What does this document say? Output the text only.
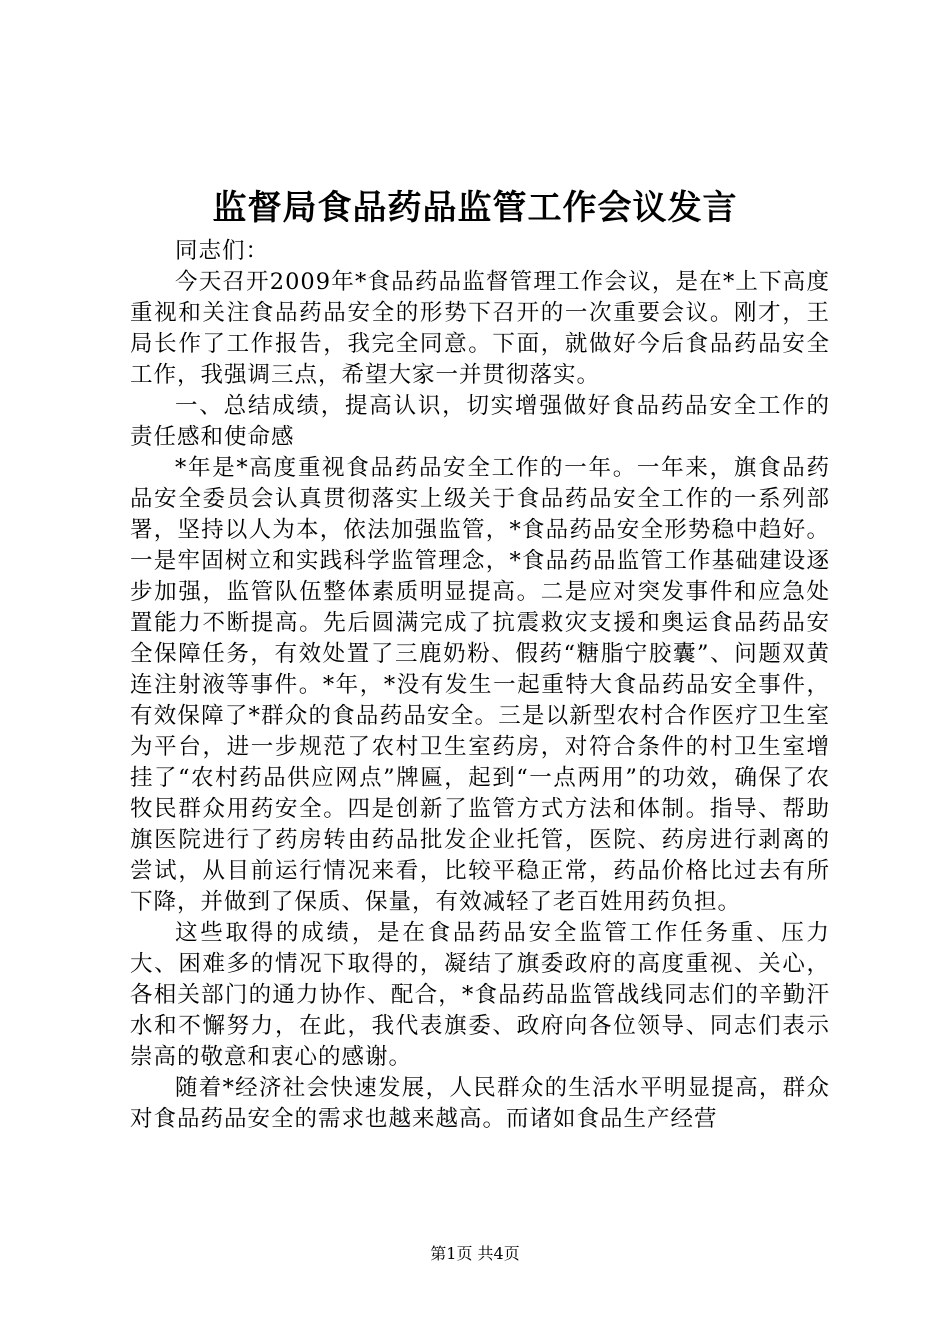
监督局食品药品监管工作会议发言

同志们：

今天召开2009年*食品药品监督管理工作会议，是在*上下高度重视和关注食品药品安全的形势下召开的一次重要会议。刚才，王局长作了工作报告，我完全同意。下面，就做好今后食品药品安全工作，我强调三点，希望大家一并贯彻落实。

一、总结成绩，提高认识，切实增强做好食品药品安全工作的责任感和使命感

*年是*高度重视食品药品安全工作的一年。一年来，旗食品药品安全委员会认真贯彻落实上级关于食品药品安全工作的一系列部署，坚持以人为本，依法加强监管，*食品药品安全形势稳中趋好。一是牢固树立和实践科学监管理念，*食品药品监管工作基础建设逐步加强，监管队伍整体素质明显提高。二是应对突发事件和应急处置能力不断提高。先后圆满完成了抗震救灾支援和奥运食品药品安全保障任务，有效处置了三鹿奶粉、假药“糖脂宁胶囊”、问题双黄连注射液等事件。*年，*没有发生一起重特大食品药品安全事件，有效保障了*群众的食品药品安全。三是以新型农村合作医疗卫生室为平台，进一步规范了农村卫生室药房，对符合条件的村卫生室增挂了“农村药品供应网点”牌匾，起到“一点两用”的功效，确保了农牧民群众用药安全。四是创新了监管方式方法和体制。指导、帮助旗医院进行了药房转由药品批发企业托管，医院、药房进行剥离的尝试，从目前运行情况来看，比较平稳正常，药品价格比过去有所下降，并做到了保质、保量，有效减轻了老百姓用药负担。

这些取得的成绩，是在食品药品安全监管工作任务重、压力大、困难多的情况下取得的，凝结了旗委政府的高度重视、关心，各相关部门的通力协作、配合，*食品药品监管战线同志们的辛勤汗水和不懈努力，在此，我代表旗委、政府向各位领导、同志们表示崇高的敬意和衷心的感谢。

随着*经济社会快速发展，人民群众的生活水平明显提高，群众对食品药品安全的需求也越来越高。而诸如食品生产经营

第1页 共4页
